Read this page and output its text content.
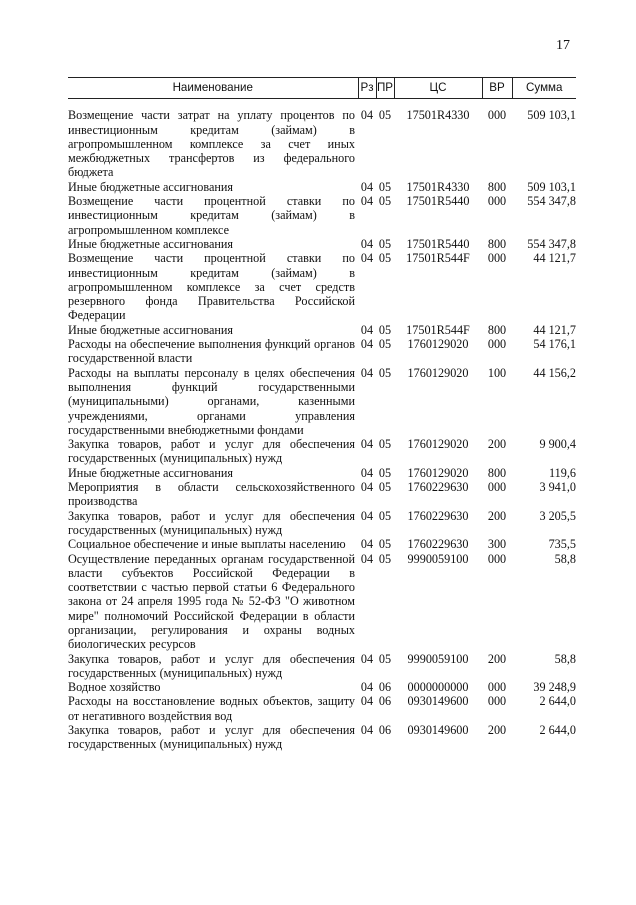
17
Наименование	Рз	ПР	ЦС	ВР	Сумма

Возмещение части затрат на уплату процентов по инвестиционным кредитам (займам) в агропромышленном комплексе за счет иных межбюджетных трансфертов из федерального бюджета	04	05	17501R4330	000	509 103,1
Иные бюджетные ассигнования	04	05	17501R4330	800	509 103,1
Возмещение части процентной ставки по инвестиционным кредитам (займам) в агропромышленном комплексе	04	05	17501R5440	000	554 347,8
Иные бюджетные ассигнования	04	05	17501R5440	800	554 347,8
Возмещение части процентной ставки по инвестиционным кредитам (займам) в агропромышленном комплексе за счет средств резервного фонда Правительства Российской Федерации	04	05	17501R544F	000	44 121,7
Иные бюджетные ассигнования	04	05	17501R544F	800	44 121,7
Расходы на обеспечение выполнения функций органов государственной власти	04	05	1760129020	000	54 176,1
Расходы на выплаты персоналу в целях обеспечения выполнения функций государственными (муниципальными) органами, казенными учреждениями, органами управления государственными внебюджетными фондами	04	05	1760129020	100	44 156,2
Закупка товаров, работ и услуг для обеспечения государственных (муниципальных) нужд	04	05	1760129020	200	9 900,4
Иные бюджетные ассигнования	04	05	1760129020	800	119,6
Мероприятия в области сельскохозяйственного производства	04	05	1760229630	000	3 941,0
Закупка товаров, работ и услуг для обеспечения государственных (муниципальных) нужд	04	05	1760229630	200	3 205,5
Социальное обеспечение и иные выплаты населению	04	05	1760229630	300	735,5
Осуществление переданных органам государственной власти субъектов Российской Федерации в соответствии с частью первой статьи 6 Федерального закона от 24 апреля 1995 года № 52-ФЗ "О животном мире" полномочий Российской Федерации в области организации, регулирования и охраны водных биологических ресурсов	04	05	9990059100	000	58,8
Закупка товаров, работ и услуг для обеспечения государственных (муниципальных) нужд	04	05	9990059100	200	58,8
Водное хозяйство	04	06	0000000000	000	39 248,9
Расходы на восстановление водных объектов, защиту от негативного воздействия вод	04	06	0930149600	000	2 644,0
Закупка товаров, работ и услуг для обеспечения государственных (муниципальных) нужд	04	06	0930149600	200	2 644,0
